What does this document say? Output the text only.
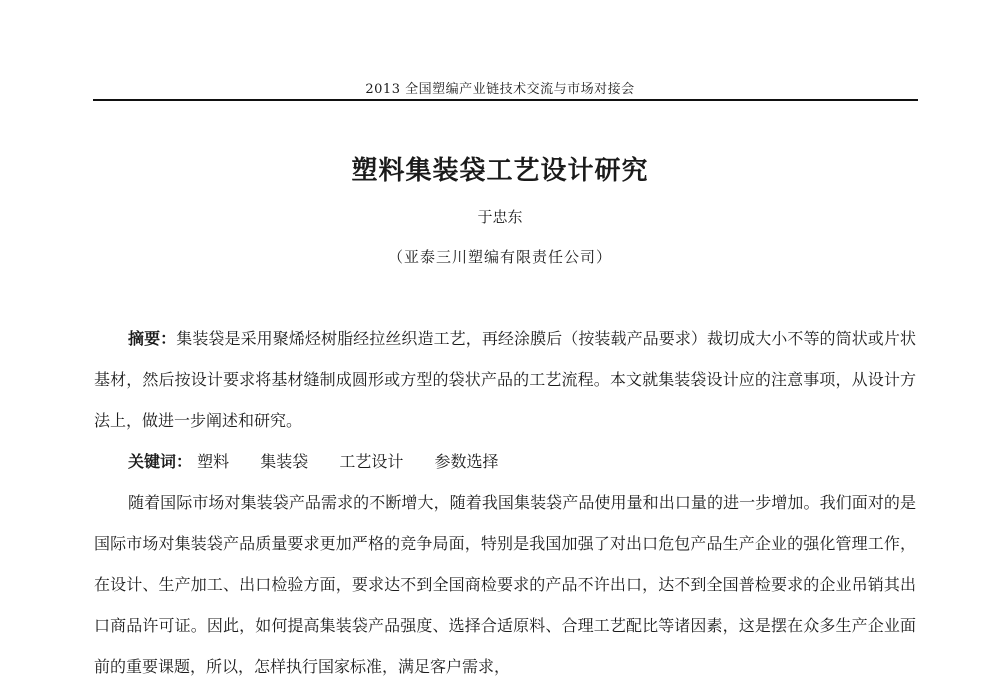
2013 全国塑编产业链技术交流与市场对接会
塑料集装袋工艺设计研究
于忠东
（亚泰三川塑编有限责任公司）
摘要：集装袋是采用聚烯烃树脂经拉丝织造工艺，再经涂膜后（按装载产品要求）裁切成大小不等的筒状或片状基材，然后按设计要求将基材缝制成圆形或方型的袋状产品的工艺流程。本文就集装袋设计应的注意事项，从设计方法上，做进一步阐述和研究。
关键词： 塑料 集装袋 工艺设计 参数选择
随着国际市场对集装袋产品需求的不断增大，随着我国集装袋产品使用量和出口量的进一步增加。我们面对的是国际市场对集装袋产品质量要求更加严格的竞争局面，特别是我国加强了对出口危包产品生产企业的强化管理工作，在设计、生产加工、出口检验方面，要求达不到全国商检要求的产品不许出口，达不到全国普检要求的企业吊销其出口商品许可证。因此，如何提高集装袋产品强度、选择合适原料、合理工艺配比等诸因素，这是摆在众多生产企业面前的重要课题，所以，怎样执行国家标准，满足客户需求，
